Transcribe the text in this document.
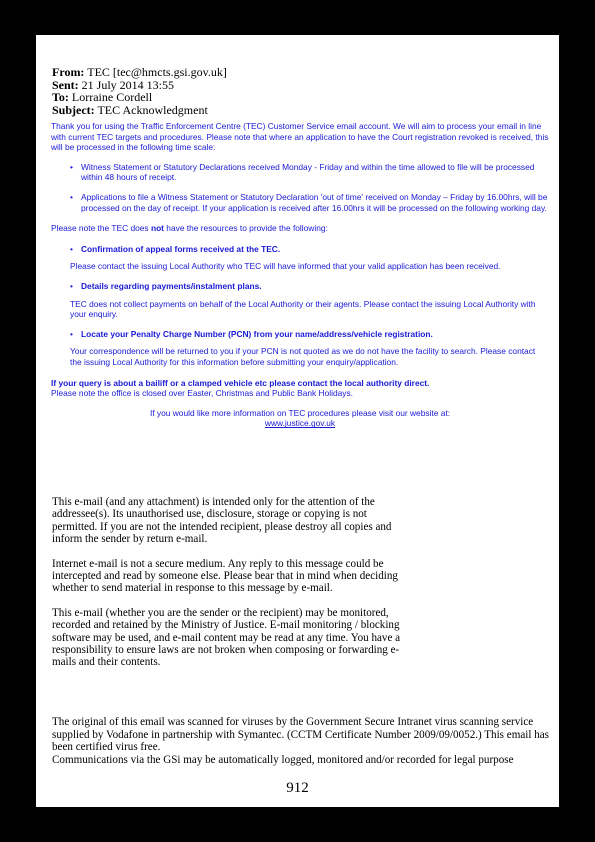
From: TEC [tec@hmcts.gsi.gov.uk]
Sent: 21 July 2014 13:55
To: Lorraine Cordell
Subject: TEC Acknowledgment

Thank you for using the Traffic Enforcement Centre (TEC) Customer Service email account. We will aim to process your email in line with current TEC targets and procedures. Please note that where an application to have the Court registration revoked is received, this will be processed in the following time scale:

• Witness Statement or Statutory Declarations received Monday - Friday and within the time allowed to file will be processed within 48 hours of receipt.

• Applications to file a Witness Statement or Statutory Declaration 'out of time' received on Monday – Friday by 16.00hrs, will be processed on the day of receipt. If your application is received after 16.00hrs it will be processed on the following working day.

Please note the TEC does not have the resources to provide the following:

• Confirmation of appeal forms received at the TEC.

Please contact the issuing Local Authority who TEC will have informed that your valid application has been received.

• Details regarding payments/instalment plans.

TEC does not collect payments on behalf of the Local Authority or their agents. Please contact the issuing Local Authority with your enquiry.

• Locate your Penalty Charge Number (PCN) from your name/address/vehicle registration.

Your correspondence will be returned to you if your PCN is not quoted as we do not have the facility to search. Please contact the issuing Local Authority for this information before submitting your enquiry/application.

If your query is about a bailiff or a clamped vehicle etc please contact the local authority direct.

Please note the office is closed over Easter, Christmas and Public Bank Holidays.

If you would like more information on TEC procedures please visit our website at:

www.justice.gov.uk

This e-mail (and any attachment) is intended only for the attention of the addressee(s). Its unauthorised use, disclosure, storage or copying is not permitted. If you are not the intended recipient, please destroy all copies and inform the sender by return e-mail.

Internet e-mail is not a secure medium. Any reply to this message could be intercepted and read by someone else. Please bear that in mind when deciding whether to send material in response to this message by e-mail.

This e-mail (whether you are the sender or the recipient) may be monitored, recorded and retained by the Ministry of Justice. E-mail monitoring / blocking software may be used, and e-mail content may be read at any time. You have a responsibility to ensure laws are not broken when composing or forwarding e-mails and their contents.

The original of this email was scanned for viruses by the Government Secure Intranet virus scanning service supplied by Vodafone in partnership with Symantec. (CCTM Certificate Number 2009/09/0052.) This email has been certified virus free.

Communications via the GSi may be automatically logged, monitored and/or recorded for legal purpose

912
